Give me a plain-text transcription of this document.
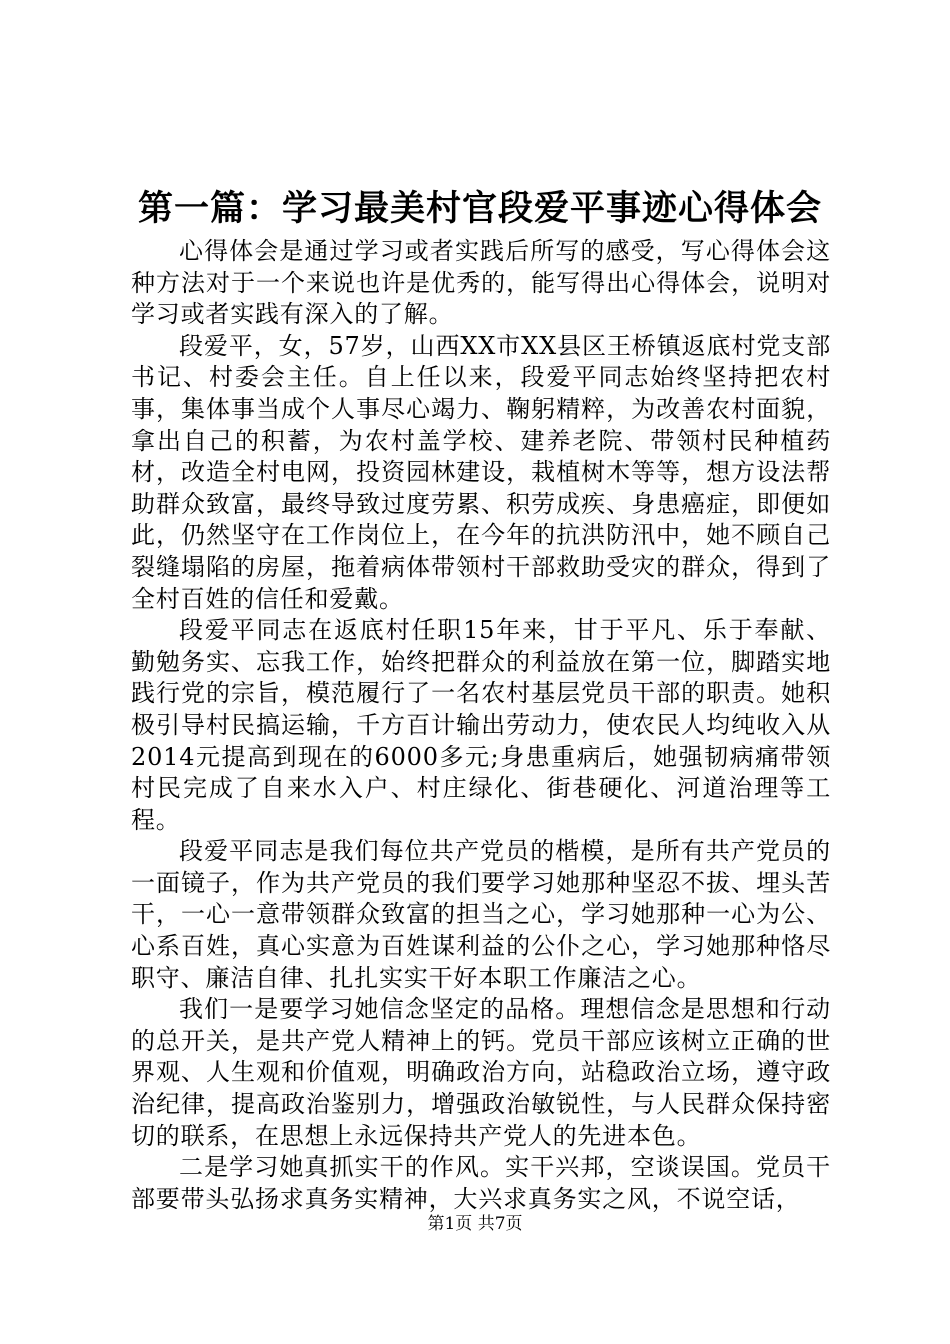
第一篇：学习最美村官段爱平事迹心得体会

心得体会是通过学习或者实践后所写的感受，写心得体会这种方法对于一个来说也许是优秀的，能写得出心得体会，说明对学习或者实践有深入的了解。

段爱平，女，57岁，山西XX市XX县区王桥镇返底村党支部书记、村委会主任。自上任以来，段爱平同志始终坚持把农村事，集体事当成个人事尽心竭力、鞠躬精粹，为改善农村面貌，拿出自己的积蓄，为农村盖学校、建养老院、带领村民种植药材，改造全村电网，投资园林建设，栽植树木等等，想方设法帮助群众致富，最终导致过度劳累、积劳成疾、身患癌症，即便如此，仍然坚守在工作岗位上，在今年的抗洪防汛中，她不顾自己裂缝塌陷的房屋，拖着病体带领村干部救助受灾的群众，得到了全村百姓的信任和爱戴。

段爱平同志在返底村任职15年来，甘于平凡、乐于奉献、勤勉务实、忘我工作，始终把群众的利益放在第一位，脚踏实地践行党的宗旨，模范履行了一名农村基层党员干部的职责。她积极引导村民搞运输，千方百计输出劳动力，使农民人均纯收入从2014元提高到现在的6000多元;身患重病后，她强韧病痛带领村民完成了自来水入户、村庄绿化、街巷硬化、河道治理等工程。

段爱平同志是我们每位共产党员的楷模，是所有共产党员的一面镜子，作为共产党员的我们要学习她那种坚忍不拔、埋头苦干，一心一意带领群众致富的担当之心，学习她那种一心为公、心系百姓，真心实意为百姓谋利益的公仆之心，学习她那种恪尽职守、廉洁自律、扎扎实实干好本职工作廉洁之心。

我们一是要学习她信念坚定的品格。理想信念是思想和行动的总开关，是共产党人精神上的钙。党员干部应该树立正确的世界观、人生观和价值观，明确政治方向，站稳政治立场，遵守政治纪律，提高政治鉴别力，增强政治敏锐性，与人民群众保持密切的联系，在思想上永远保持共产党人的先进本色。

二是学习她真抓实干的作风。实干兴邦，空谈误国。党员干部要带头弘扬求真务实精神，大兴求真务实之风，不说空话，

第1页 共7页
